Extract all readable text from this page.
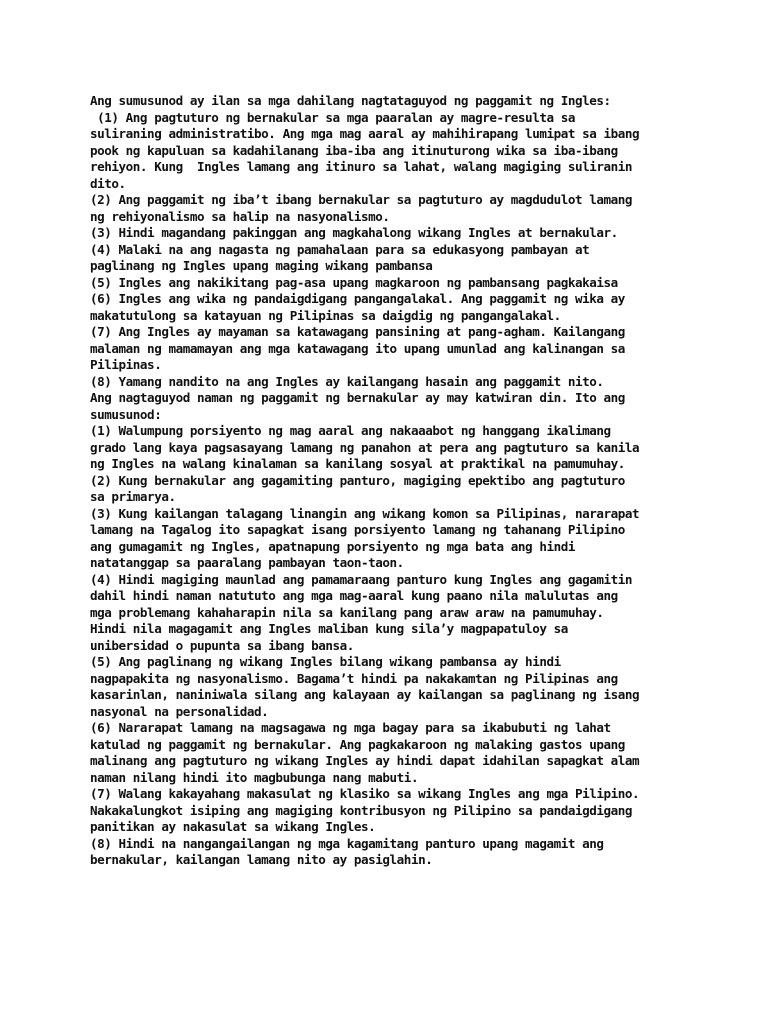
Ang sumusunod ay ilan sa mga dahilang nagtataguyod ng paggamit ng Ingles:
(1) Ang pagtuturo ng bernakular sa mga paaralan ay magre-resulta sa
suliraning administratibo. Ang mga mag aaral ay mahihirapang lumipat sa ibang
pook ng kapuluan sa kadahilanang iba-iba ang itinuturong wika sa iba-ibang
rehiyon. Kung  Ingles lamang ang itinuro sa lahat, walang magiging suliranin
dito.
(2) Ang paggamit ng iba’t ibang bernakular sa pagtuturo ay magdudulot lamang
ng rehiyonalismo sa halip na nasyonalismo.
(3) Hindi magandang pakinggan ang magkahalong wikang Ingles at bernakular.
(4) Malaki na ang nagasta ng pamahalaan para sa edukasyong pambayan at
paglinang ng Ingles upang maging wikang pambansa
(5) Ingles ang nakikitang pag-asa upang magkaroon ng pambansang pagkakaisa
(6) Ingles ang wika ng pandaigdigang pangangalakal. Ang paggamit ng wika ay
makatutulong sa katayuan ng Pilipinas sa daigdig ng pangangalakal.
(7) Ang Ingles ay mayaman sa katawagang pansining at pang-agham. Kailangang
malaman ng mamamayan ang mga katawagang ito upang umunlad ang kalinangan sa
Pilipinas.
(8) Yamang nandito na ang Ingles ay kailangang hasain ang paggamit nito.
Ang nagtaguyod naman ng paggamit ng bernakular ay may katwiran din. Ito ang
sumusunod:
(1) Walumpung porsiyento ng mag aaral ang nakaaabot ng hanggang ikalimang
grado lang kaya pagsasayang lamang ng panahon at pera ang pagtuturo sa kanila
ng Ingles na walang kinalaman sa kanilang sosyal at praktikal na pamumuhay.
(2) Kung bernakular ang gagamiting panturo, magiging epektibo ang pagtuturo
sa primarya.
(3) Kung kailangan talagang linangin ang wikang komon sa Pilipinas, nararapat
lamang na Tagalog ito sapagkat isang porsiyento lamang ng tahanang Pilipino
ang gumagamit ng Ingles, apatnapung porsiyento ng mga bata ang hindi
natatanggap sa paaralang pambayan taon-taon.
(4) Hindi magiging maunlad ang pamamaraang panturo kung Ingles ang gagamitin
dahil hindi naman natututo ang mga mag-aaral kung paano nila malulutas ang
mga problemang kahaharapin nila sa kanilang pang araw araw na pamumuhay.
Hindi nila magagamit ang Ingles maliban kung sila’y magpapatuloy sa
unibersidad o pupunta sa ibang bansa.
(5) Ang paglinang ng wikang Ingles bilang wikang pambansa ay hindi
nagpapakita ng nasyonalismo. Bagama’t hindi pa nakakamtan ng Pilipinas ang
kasarinlan, naniniwala silang ang kalayaan ay kailangan sa paglinang ng isang
nasyonal na personalidad.
(6) Nararapat lamang na magsagawa ng mga bagay para sa ikabubuti ng lahat
katulad ng paggamit ng bernakular. Ang pagkakaroon ng malaking gastos upang
malinang ang pagtuturo ng wikang Ingles ay hindi dapat idahilan sapagkat alam
naman nilang hindi ito magbubunga nang mabuti.
(7) Walang kakayahang makasulat ng klasiko sa wikang Ingles ang mga Pilipino.
Nakakalungkot isiping ang magiging kontribusyon ng Pilipino sa pandaigdigang
panitikan ay nakasulat sa wikang Ingles.
(8) Hindi na nangangailangan ng mga kagamitang panturo upang magamit ang
bernakular, kailangan lamang nito ay pasiglahin.
